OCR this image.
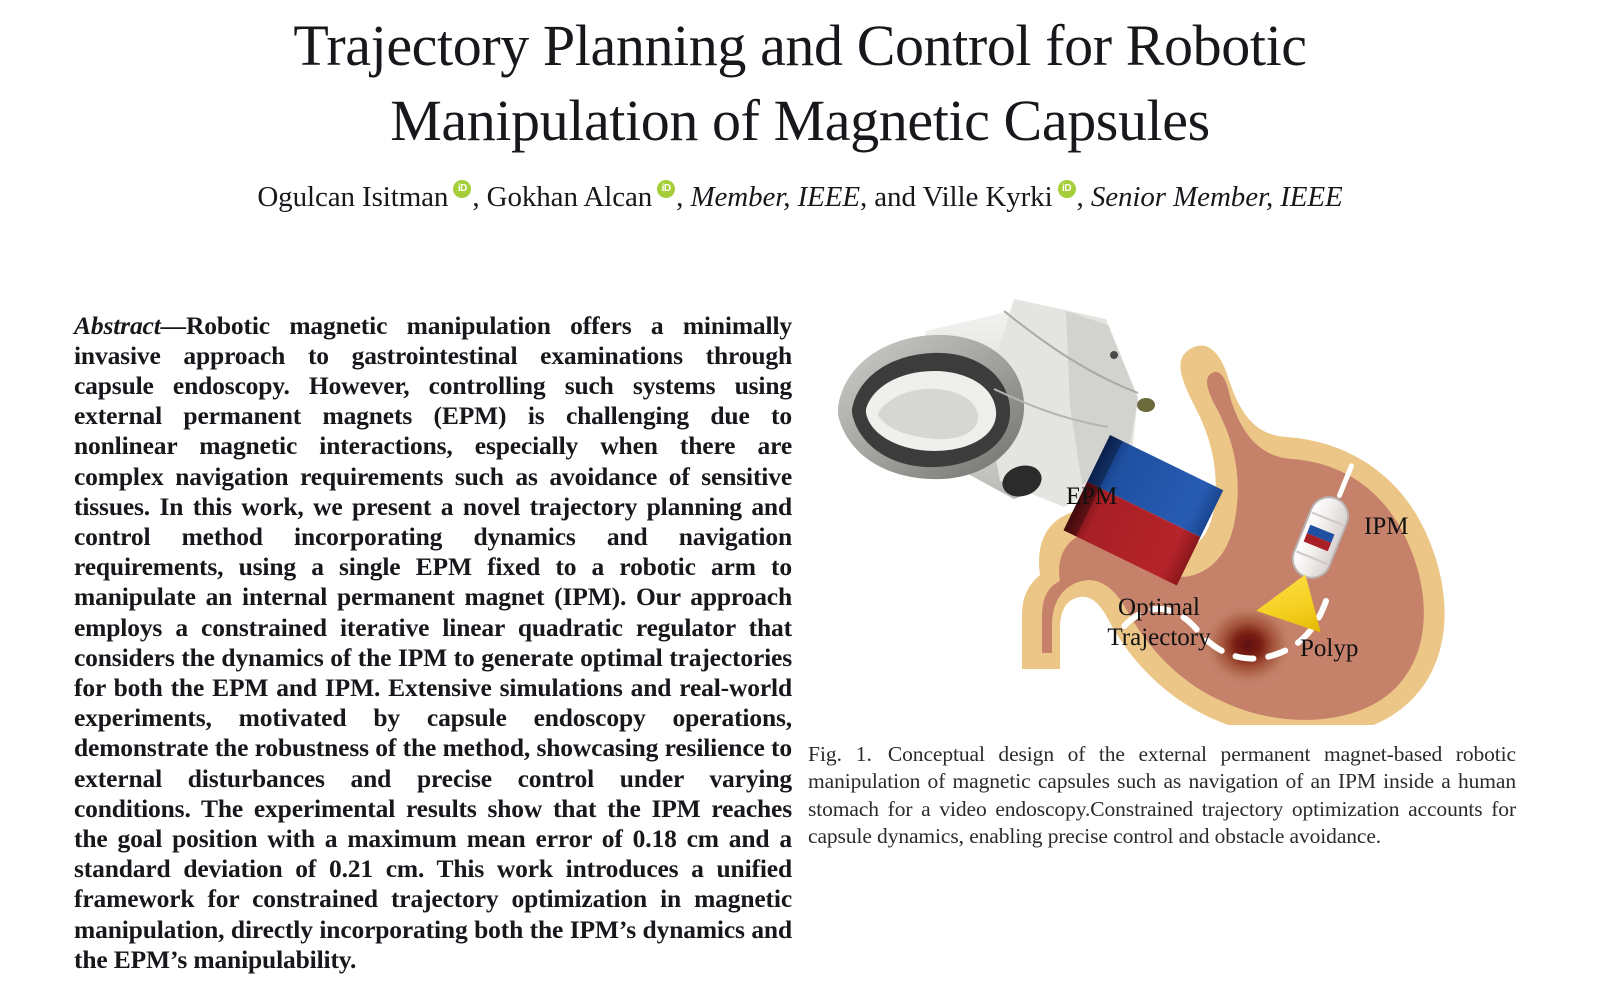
Trajectory Planning and Control for Robotic
Manipulation of Magnetic Capsules
Ogulcan Isitman iD , Gokhan Alcan iD , Member, IEEE, and Ville Kyrki iD , Senior Member, IEEE

Abstract—Robotic magnetic manipulation offers a minimally invasive approach to gastrointestinal examinations through capsule endoscopy. However, controlling such systems using external permanent magnets (EPM) is challenging due to nonlinear magnetic interactions, especially when there are complex navigation requirements such as avoidance of sensitive tissues. In this work, we present a novel trajectory planning and control method incorporating dynamics and navigation requirements, using a single EPM fixed to a robotic arm to manipulate an internal permanent magnet (IPM). Our approach employs a constrained iterative linear quadratic regulator that considers the dynamics of the IPM to generate optimal trajectories for both the EPM and IPM. Extensive simulations and real-world experiments, motivated by capsule endoscopy operations, demonstrate the robustness of the method, showcasing resilience to external disturbances and precise control under varying conditions. The experimental results show that the IPM reaches the goal position with a maximum mean error of 0.18 cm and a standard deviation of 0.21 cm. This work introduces a unified framework for constrained trajectory optimization in magnetic manipulation, directly incorporating both the IPM’s dynamics and the EPM’s manipulability.

EPM
IPM
Optimal
Trajectory	Polyp

Fig. 1. Conceptual design of the external permanent magnet-based robotic manipulation of magnetic capsules such as navigation of an IPM inside a human stomach for a video endoscopy.Constrained trajectory optimization accounts for capsule dynamics, enabling precise control and obstacle avoidance.
